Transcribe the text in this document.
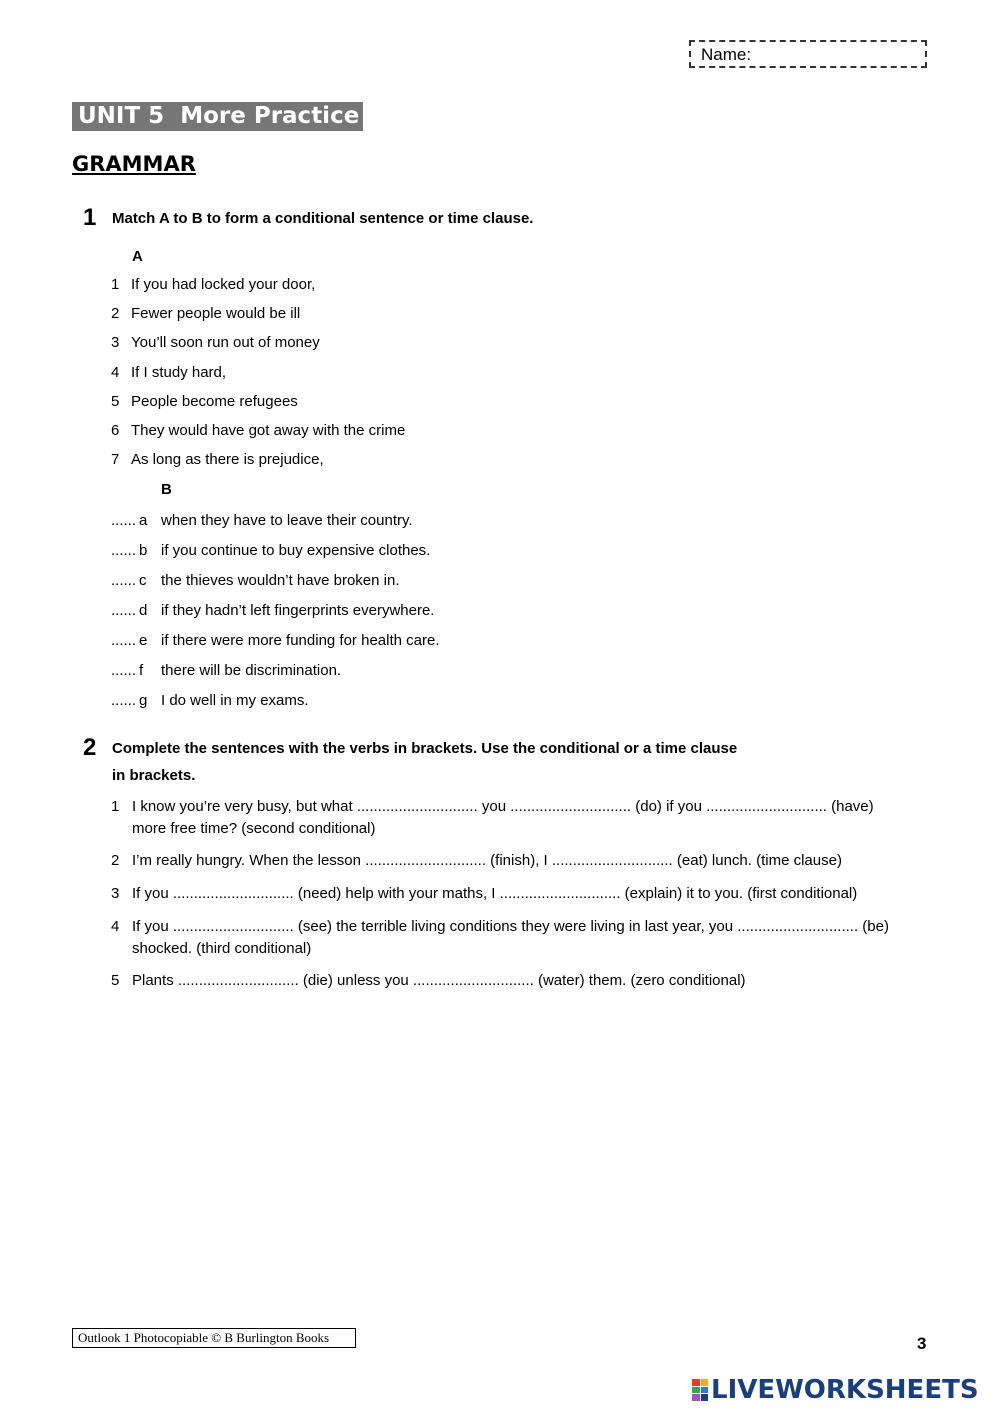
Name:
UNIT 5  More Practice
GRAMMAR
1 Match A to B to form a conditional sentence or time clause.
A
1 If you had locked your door,
2 Fewer people would be ill
3 You’ll soon run out of money
4 If I study hard,
5 People become refugees
6 They would have got away with the crime
7 As long as there is prejudice,
B
...... a when they have to leave their country.
...... b if you continue to buy expensive clothes.
...... c the thieves wouldn’t have broken in.
...... d if they hadn’t left fingerprints everywhere.
...... e if there were more funding for health care.
...... f there will be discrimination.
...... g I do well in my exams.
2 Complete the sentences with the verbs in brackets. Use the conditional or a time clause
in brackets.
1 I know you’re very busy, but what ............................. you ............................. (do) if you ............................. (have) more free time? (second conditional)
2 I’m really hungry. When the lesson ............................. (finish), I ............................. (eat) lunch. (time clause)
3 If you ............................. (need) help with your maths, I ............................. (explain) it to you. (first conditional)
4 If you ............................. (see) the terrible living conditions they were living in last year, you ............................. (be) shocked. (third conditional)
5 Plants ............................. (die) unless you ............................. (water) them. (zero conditional)
Outlook 1 Photocopiable © B Burlington Books	3
LIVEWORKSHEETS
